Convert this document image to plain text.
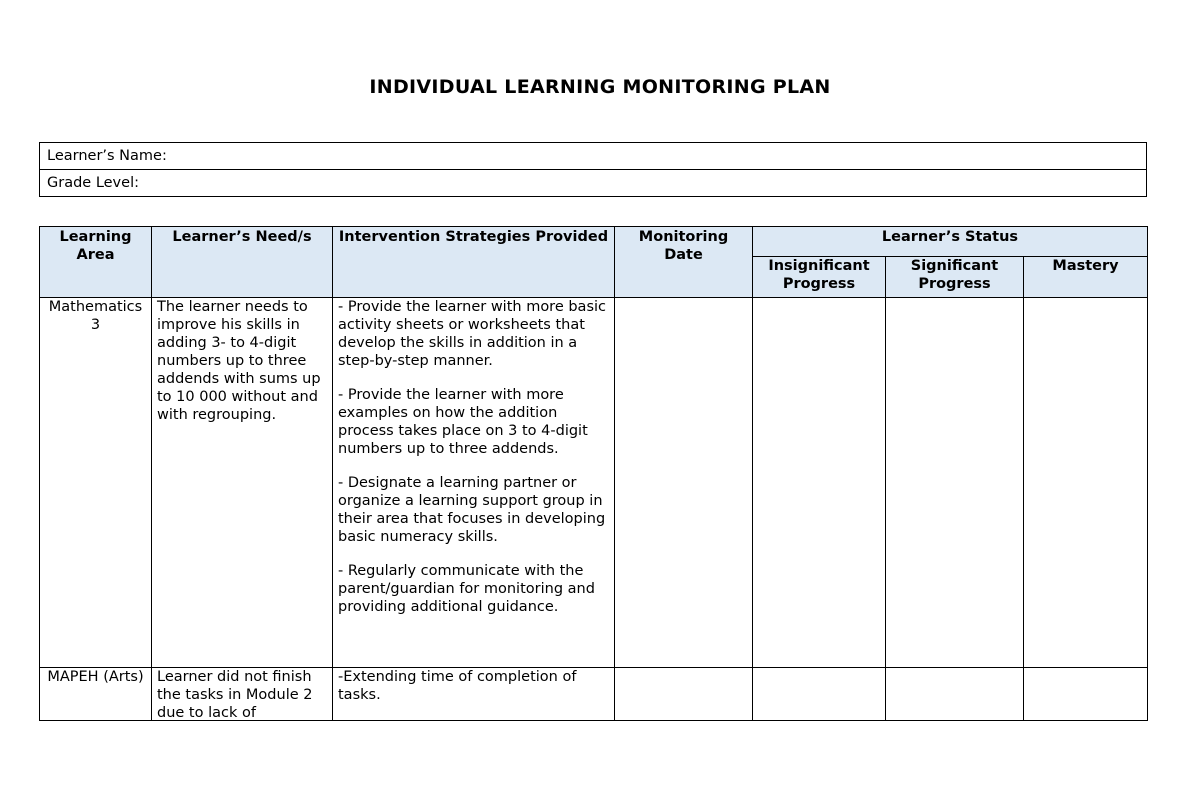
INDIVIDUAL LEARNING MONITORING PLAN
Learner’s Name:
Grade Level:
Learning Area	Learner’s Need/s	Intervention Strategies Provided	Monitoring Date	Learner’s Status		
				Insignificant Progress	Significant Progress	Mastery
Mathematics 3	The learner needs to improve his skills in adding 3- to 4-digit numbers up to three addends with sums up to 10 000 without and with regrouping.	- Provide the learner with more basic activity sheets or worksheets that develop the skills in addition in a step-by-step manner.

- Provide the learner with more examples on how the addition process takes place on 3 to 4-digit numbers up to three addends.

- Designate a learning partner or organize a learning support group in their area that focuses in developing basic numeracy skills.

- Regularly communicate with the parent/guardian for monitoring and providing additional guidance.				

MAPEH (Arts)	Learner did not finish the tasks in Module 2 due to lack of	-Extending time of completion of tasks.				
